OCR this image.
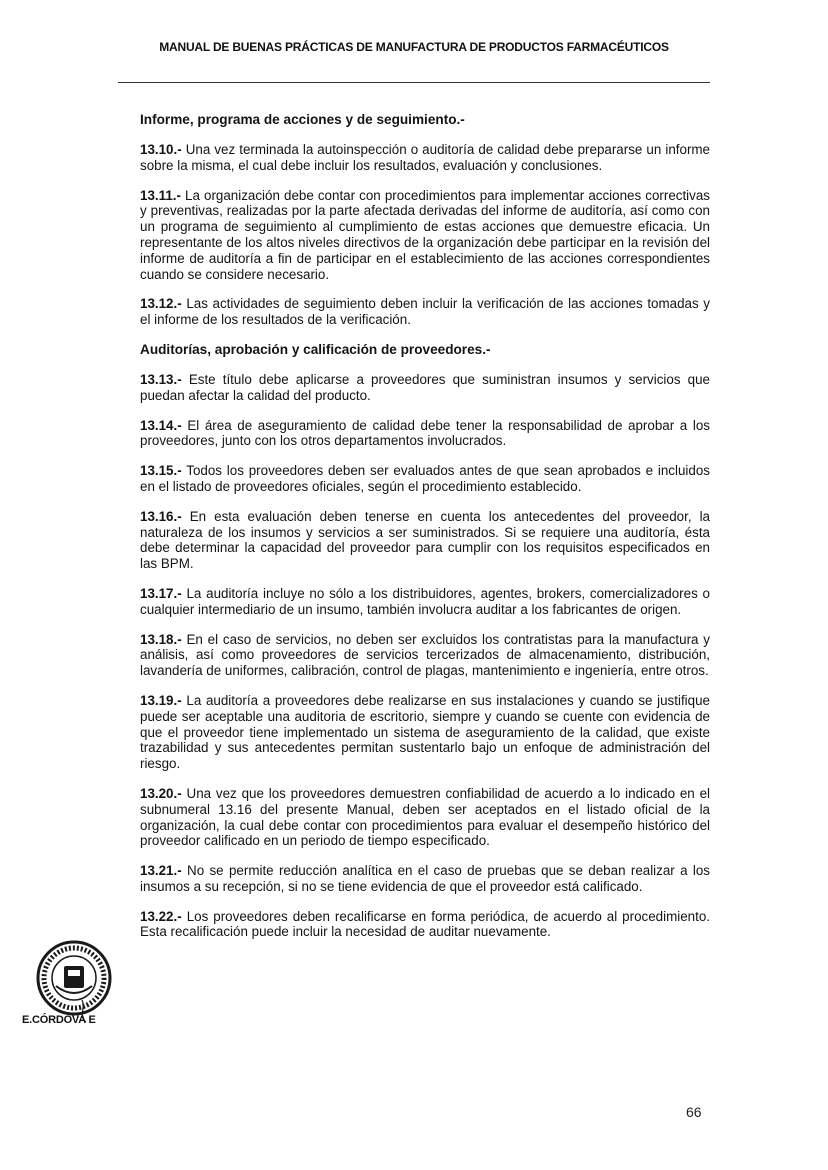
MANUAL DE BUENAS PRÁCTICAS DE MANUFACTURA DE PRODUCTOS FARMACÉUTICOS
Informe, programa de acciones y de seguimiento.-

13.10.- Una vez terminada la autoinspección o auditoría de calidad debe prepararse un informe sobre la misma, el cual debe incluir los resultados, evaluación y conclusiones.

13.11.- La organización debe contar con procedimientos para implementar acciones correctivas y preventivas, realizadas por la parte afectada derivadas del informe de auditoría, así como con un programa de seguimiento al cumplimiento de estas acciones que demuestre eficacia. Un representante de los altos niveles directivos de la organización debe participar en la revisión del informe de auditoría a fin de participar en el establecimiento de las acciones correspondientes cuando se considere necesario.

13.12.- Las actividades de seguimiento deben incluir la verificación de las acciones tomadas y el informe de los resultados de la verificación.

Auditorías, aprobación y calificación de proveedores.-

13.13.- Este título debe aplicarse a proveedores que suministran insumos y servicios que puedan afectar la calidad del producto.

13.14.- El área de aseguramiento de calidad debe tener la responsabilidad de aprobar a los proveedores, junto con los otros departamentos involucrados.

13.15.- Todos los proveedores deben ser evaluados antes de que sean aprobados e incluidos en el listado de proveedores oficiales, según el procedimiento establecido.

13.16.- En esta evaluación deben tenerse en cuenta los antecedentes del proveedor, la naturaleza de los insumos y servicios a ser suministrados. Si se requiere una auditoría, ésta debe determinar la capacidad del proveedor para cumplir con los requisitos especificados en las BPM.

13.17.- La auditoría incluye no sólo a los distribuidores, agentes, brokers, comercializadores o cualquier intermediario de un insumo, también involucra auditar a los fabricantes de origen.

13.18.- En el caso de servicios, no deben ser excluidos los contratistas para la manufactura y análisis, así como proveedores de servicios tercerizados de almacenamiento, distribución, lavandería de uniformes, calibración, control de plagas, mantenimiento e ingeniería, entre otros.

13.19.- La auditoría a proveedores debe realizarse en sus instalaciones y cuando se justifique puede ser aceptable una auditoria de escritorio, siempre y cuando se cuente con evidencia de que el proveedor tiene implementado un sistema de aseguramiento de la calidad, que existe trazabilidad y sus antecedentes permitan sustentarlo bajo un enfoque de administración del riesgo.

13.20.- Una vez que los proveedores demuestren confiabilidad de acuerdo a lo indicado en el subnumeral 13.16 del presente Manual, deben ser aceptados en el listado oficial de la organización, la cual debe contar con procedimientos para evaluar el desempeño histórico del proveedor calificado en un periodo de tiempo especificado.

13.21.- No se permite reducción analítica en el caso de pruebas que se deban realizar a los insumos a su recepción, si no se tiene evidencia de que el proveedor está calificado.

13.22.- Los proveedores deben recalificarse en forma periódica, de acuerdo al procedimiento. Esta recalificación puede incluir la necesidad de auditar nuevamente.

E.CÓRDOVA E
66
